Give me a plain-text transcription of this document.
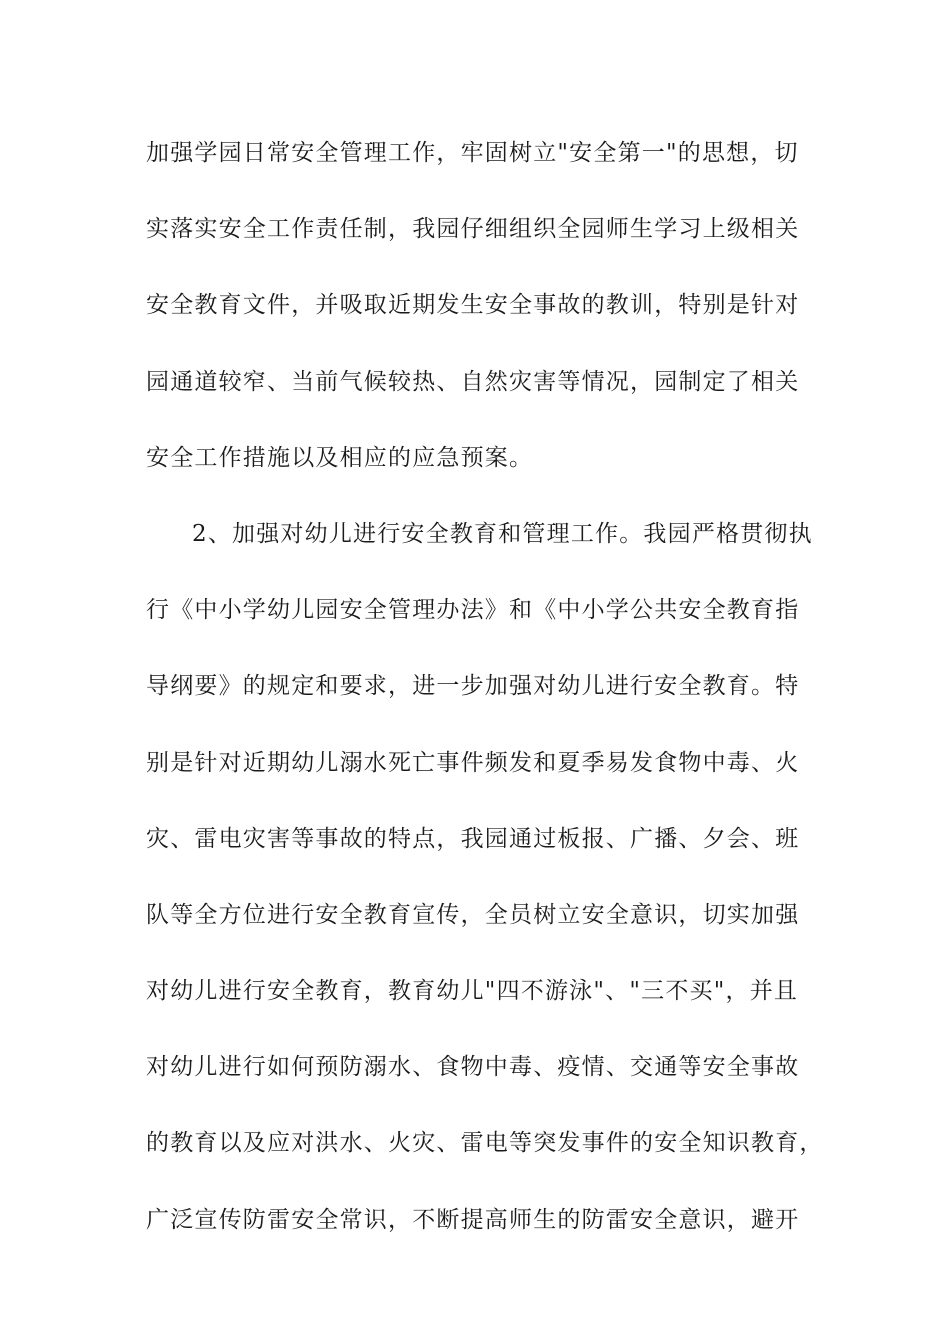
加强学园日常安全管理工作，牢固树立"安全第一"的思想，切
实落实安全工作责任制，我园仔细组织全园师生学习上级相关
安全教育文件，并吸取近期发生安全事故的教训，特别是针对
园通道较窄、当前气候较热、自然灾害等情况，园制定了相关
安全工作措施以及相应的应急预案。
2、加强对幼儿进行安全教育和管理工作。我园严格贯彻执
行《中小学幼儿园安全管理办法》和《中小学公共安全教育指
导纲要》的规定和要求，进一步加强对幼儿进行安全教育。特
别是针对近期幼儿溺水死亡事件频发和夏季易发食物中毒、火
灾、雷电灾害等事故的特点，我园通过板报、广播、夕会、班
队等全方位进行安全教育宣传，全员树立安全意识，切实加强
对幼儿进行安全教育，教育幼儿"四不游泳"、"三不买"，并且
对幼儿进行如何预防溺水、食物中毒、疫情、交通等安全事故
的教育以及应对洪水、火灾、雷电等突发事件的安全知识教育，
广泛宣传防雷安全常识，不断提高师生的防雷安全意识，避开
